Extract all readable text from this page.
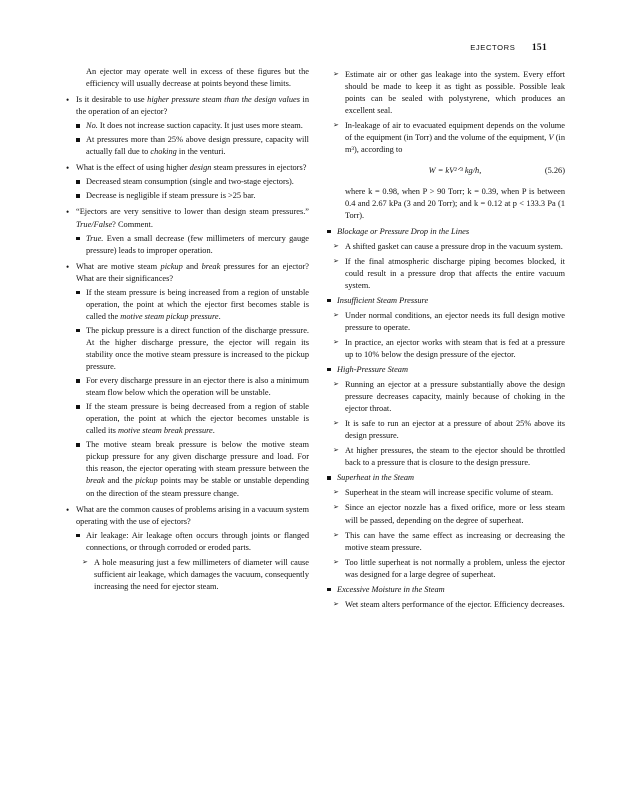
EJECTORS 151

An ejector may operate well in excess of these figures but the efficiency will usually decrease at points beyond these limits.

• Is it desirable to use higher pressure steam than the design values in the operation of an ejector?

No. It does not increase suction capacity. It just uses more steam.

At pressures more than 25% above design pressure, capacity will actually fall due to choking in the venturi.

• What is the effect of using higher design steam pressures in ejectors?

Decreased steam consumption (single and two-stage ejectors).

Decrease is negligible if steam pressure is >25 bar.

• “Ejectors are very sensitive to lower than design steam pressures.” True/False? Comment.

True. Even a small decrease (few millimeters of mercury gauge pressure) leads to improper operation.

• What are motive steam pickup and break pressures for an ejector? What are their significances?

If the steam pressure is being increased from a region of unstable operation, the point at which the ejector first becomes stable is called the motive steam pickup pressure.

The pickup pressure is a direct function of the discharge pressure. At the higher discharge pressure, the ejector will regain its stability once the motive steam pressure is increased to the pickup pressure.

For every discharge pressure in an ejector there is also a minimum steam flow below which the operation will be unstable.

If the steam pressure is being decreased from a region of stable operation, the point at which the ejector becomes unstable is called its motive steam break pressure.

The motive steam break pressure is below the motive steam pickup pressure for any given discharge pressure and load. For this reason, the ejector operating with steam pressure between the break and the pickup points may be stable or unstable depending on the direction of the steam pressure change.

• What are the common causes of problems arising in a vacuum system operating with the use of ejectors?

Air leakage: Air leakage often occurs through joints or flanged connections, or through corroded or eroded parts.

➢ A hole measuring just a few millimeters of diameter will cause sufficient air leakage, which damages the vacuum, consequently increasing the need for ejector steam.

➢ Estimate air or other gas leakage into the system. Every effort should be made to keep it as tight as possible. Possible leak points can be sealed with polystyrene, which produces an excellent seal.

➢ In-leakage of air to evacuated equipment depends on the volume of the equipment (in Torr) and the volume of the equipment, V (in m³), according to

W = kV²ᐟ³ kg/h,	(5.26)

where k = 0.98, when P > 90 Torr; k = 0.39, when P is between 0.4 and 2.67 kPa (3 and 20 Torr); and k = 0.12 at p < 133.3 Pa (1 Torr).

Blockage or Pressure Drop in the Lines

➢ A shifted gasket can cause a pressure drop in the vacuum system.

➢ If the final atmospheric discharge piping becomes blocked, it could result in a pressure drop that affects the entire vacuum system.

Insufficient Steam Pressure

➢ Under normal conditions, an ejector needs its full design motive pressure to operate.

➢ In practice, an ejector works with steam that is fed at a pressure up to 10% below the design pressure of the ejector.

High-Pressure Steam

➢ Running an ejector at a pressure substantially above the design pressure decreases capacity, mainly because of choking in the ejector throat.

➢ It is safe to run an ejector at a pressure of about 25% above its design pressure.

➢ At higher pressures, the steam to the ejector should be throttled back to a pressure that is closure to the design pressure.

Superheat in the Steam

➢ Superheat in the steam will increase specific volume of steam.

➢ Since an ejector nozzle has a fixed orifice, more or less steam will be passed, depending on the degree of superheat.

➢ This can have the same effect as increasing or decreasing the motive steam pressure.

➢ Too little superheat is not normally a problem, unless the ejector was designed for a large degree of superheat.

Excessive Moisture in the Steam

➢ Wet steam alters performance of the ejector. Efficiency decreases.
